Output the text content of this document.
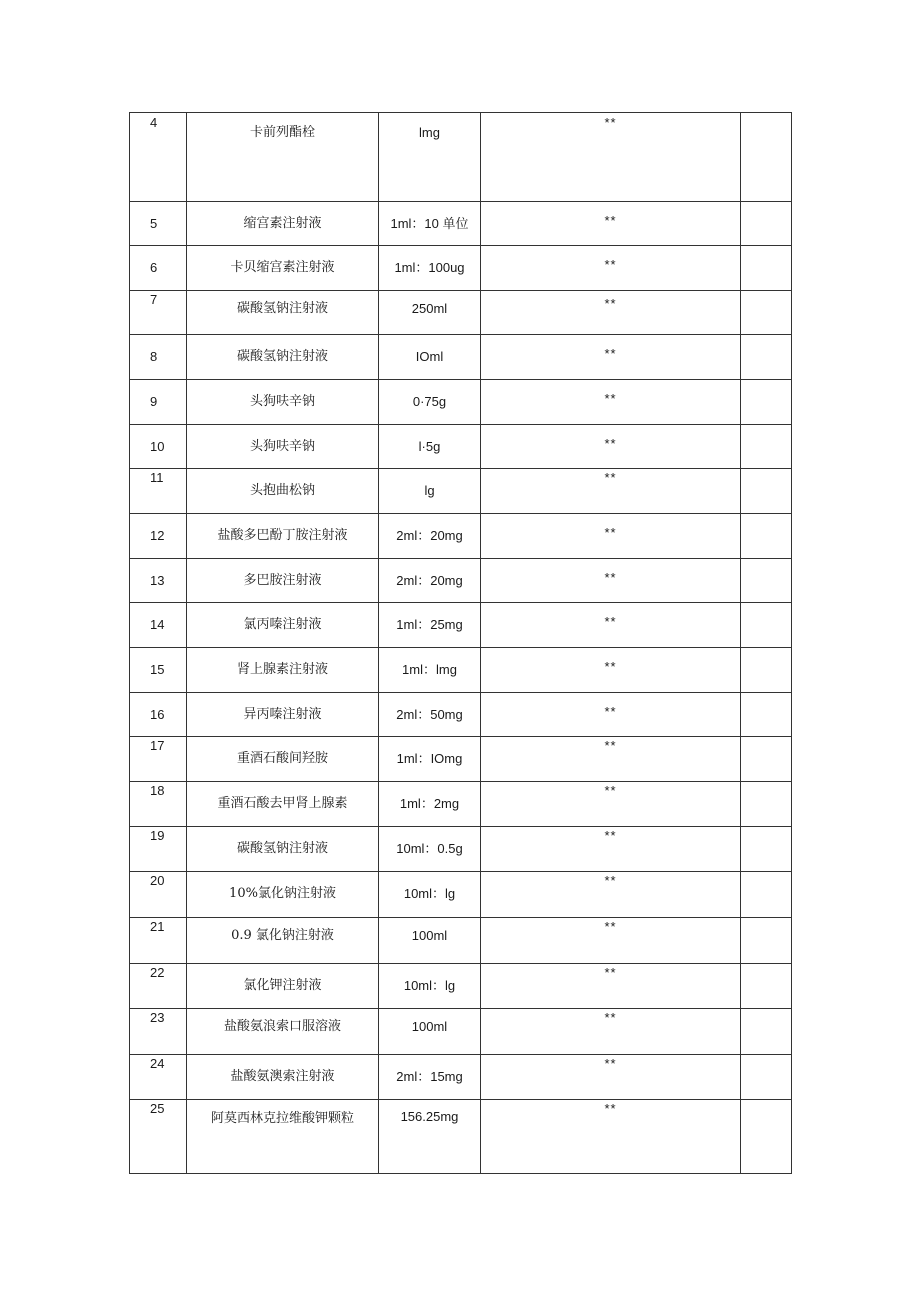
4	卡前列酯栓	lmg	**	

5	缩宫素注射液	1ml：10 单位	**	

6	卡贝缩宫素注射液	1ml：100ug	**	

7	碳酸氢钠注射液	250ml	**	

8	碳酸氢钠注射液	IOml	**	

9	头狗呋辛钠	0·75g	**	

10	头狗呋辛钠	l·5g	**	

11	头抱曲松钠	lg	**	

12	盐酸多巴酚丁胺注射液	2ml：20mg	**	

13	多巴胺注射液	2ml：20mg	**	

14	氯丙嗪注射液	1ml：25mg	**	

15	肾上腺素注射液	1ml：lmg	**	

16	异丙嗪注射液	2ml：50mg	**	

17	重酒石酸间羟胺	1ml：IOmg	**	

18	重酒石酸去甲肾上腺素	1ml：2mg	**	

19	碳酸氢钠注射液	10ml：0.5g	**	

20	10%氯化钠注射液	10ml：lg	**	

21	0.9 氯化钠注射液	100ml	**	

22	氯化钾注射液	10ml：lg	**	

23	盐酸氨浪索口服溶液	100ml	**	

24	盐酸氨澳索注射液	2ml：15mg	**	

25	阿莫西林克拉维酸钾颗粒	156.25mg	**	
